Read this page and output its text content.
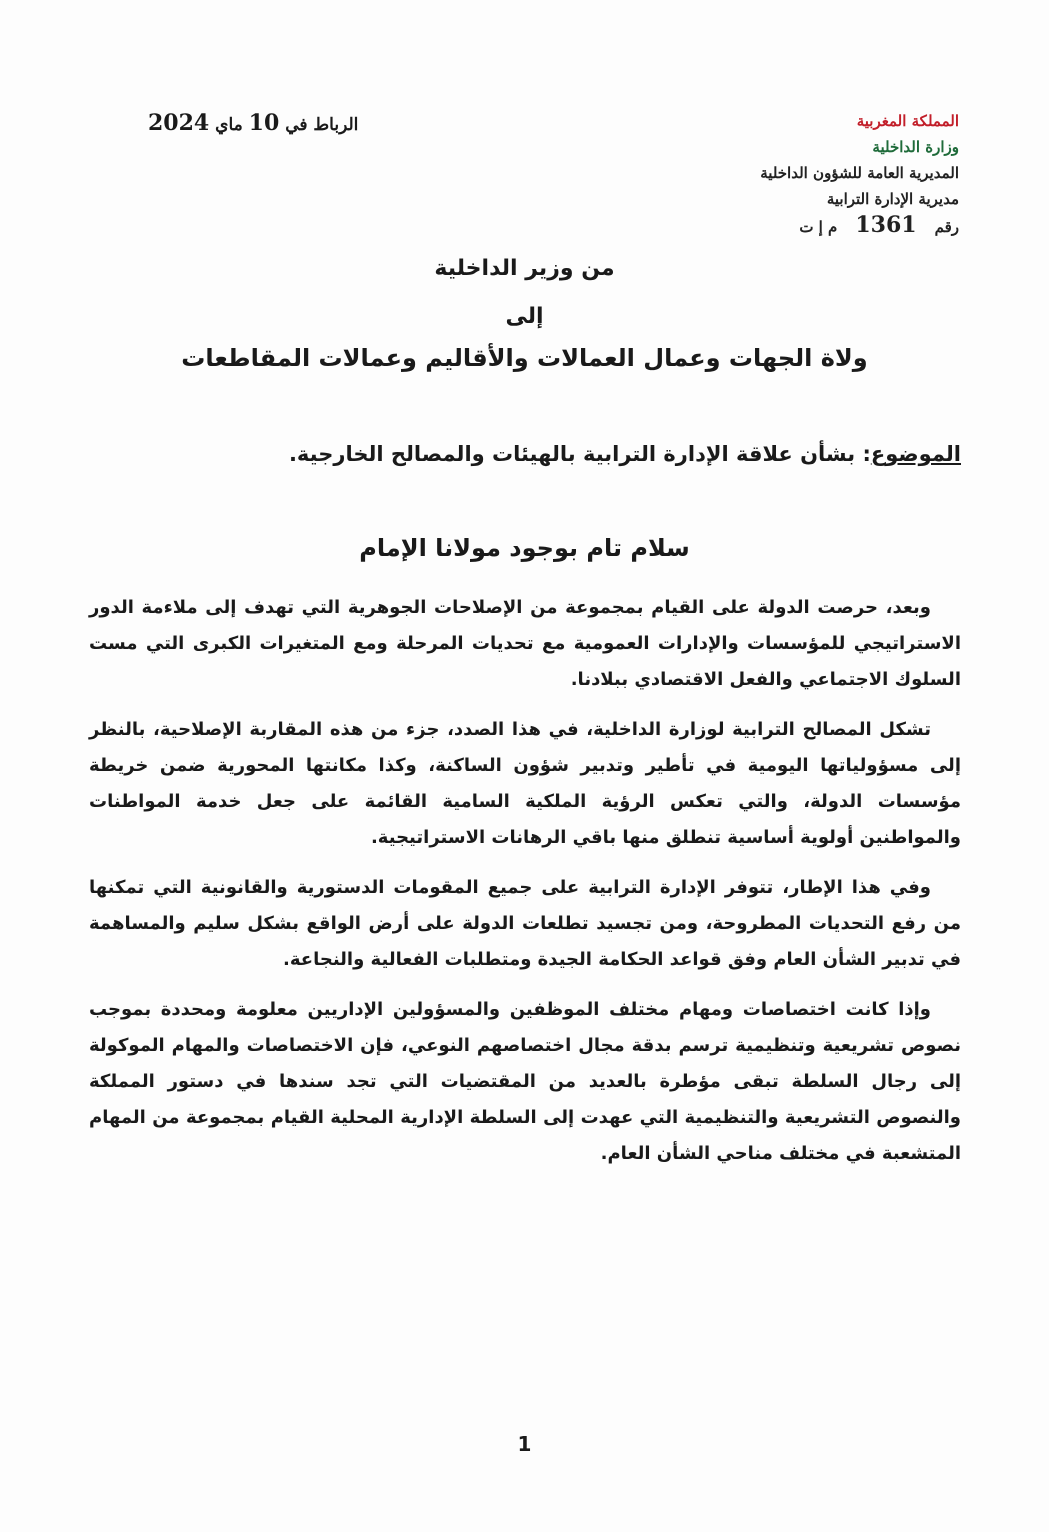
المملكة المغربية
وزارة الداخلية
المديرية العامة للشؤون الداخلية
مديرية الإدارة الترابية
رقم
1361
م إ ت
الرباط في 10 ماي 2024
من وزير الداخلية
إلى
ولاة الجهات وعمال العمالات والأقاليم وعمالات المقاطعات
الموضوع: بشأن علاقة الإدارة الترابية بالهيئات والمصالح الخارجية.
سلام تام بوجود مولانا الإمام

وبعد، حرصت الدولة على القيام بمجموعة من الإصلاحات الجوهرية التي تهدف إلى ملاءمة الدور الاستراتيجي للمؤسسات والإدارات العمومية مع تحديات المرحلة ومع المتغيرات الكبرى التي مست السلوك الاجتماعي والفعل الاقتصادي ببلادنا.

تشكل المصالح الترابية لوزارة الداخلية، في هذا الصدد، جزء من هذه المقاربة الإصلاحية، بالنظر إلى مسؤولياتها اليومية في تأطير وتدبير شؤون الساكنة، وكذا مكانتها المحورية ضمن خريطة مؤسسات الدولة، والتي تعكس الرؤية الملكية السامية القائمة على جعل خدمة المواطنات والمواطنين أولوية أساسية تنطلق منها باقي الرهانات الاستراتيجية.

وفي هذا الإطار، تتوفر الإدارة الترابية على جميع المقومات الدستورية والقانونية التي تمكنها من رفع التحديات المطروحة، ومن تجسيد تطلعات الدولة على أرض الواقع بشكل سليم والمساهمة في تدبير الشأن العام وفق قواعد الحكامة الجيدة ومتطلبات الفعالية والنجاعة.

وإذا كانت اختصاصات ومهام مختلف الموظفين والمسؤولين الإداريين معلومة ومحددة بموجب نصوص تشريعية وتنظيمية ترسم بدقة مجال اختصاصهم النوعي، فإن الاختصاصات والمهام الموكولة إلى رجال السلطة تبقى مؤطرة بالعديد من المقتضيات التي تجد سندها في دستور المملكة والنصوص التشريعية والتنظيمية التي عهدت إلى السلطة الإدارية المحلية القيام بمجموعة من المهام المتشعبة في مختلف مناحي الشأن العام.

1
